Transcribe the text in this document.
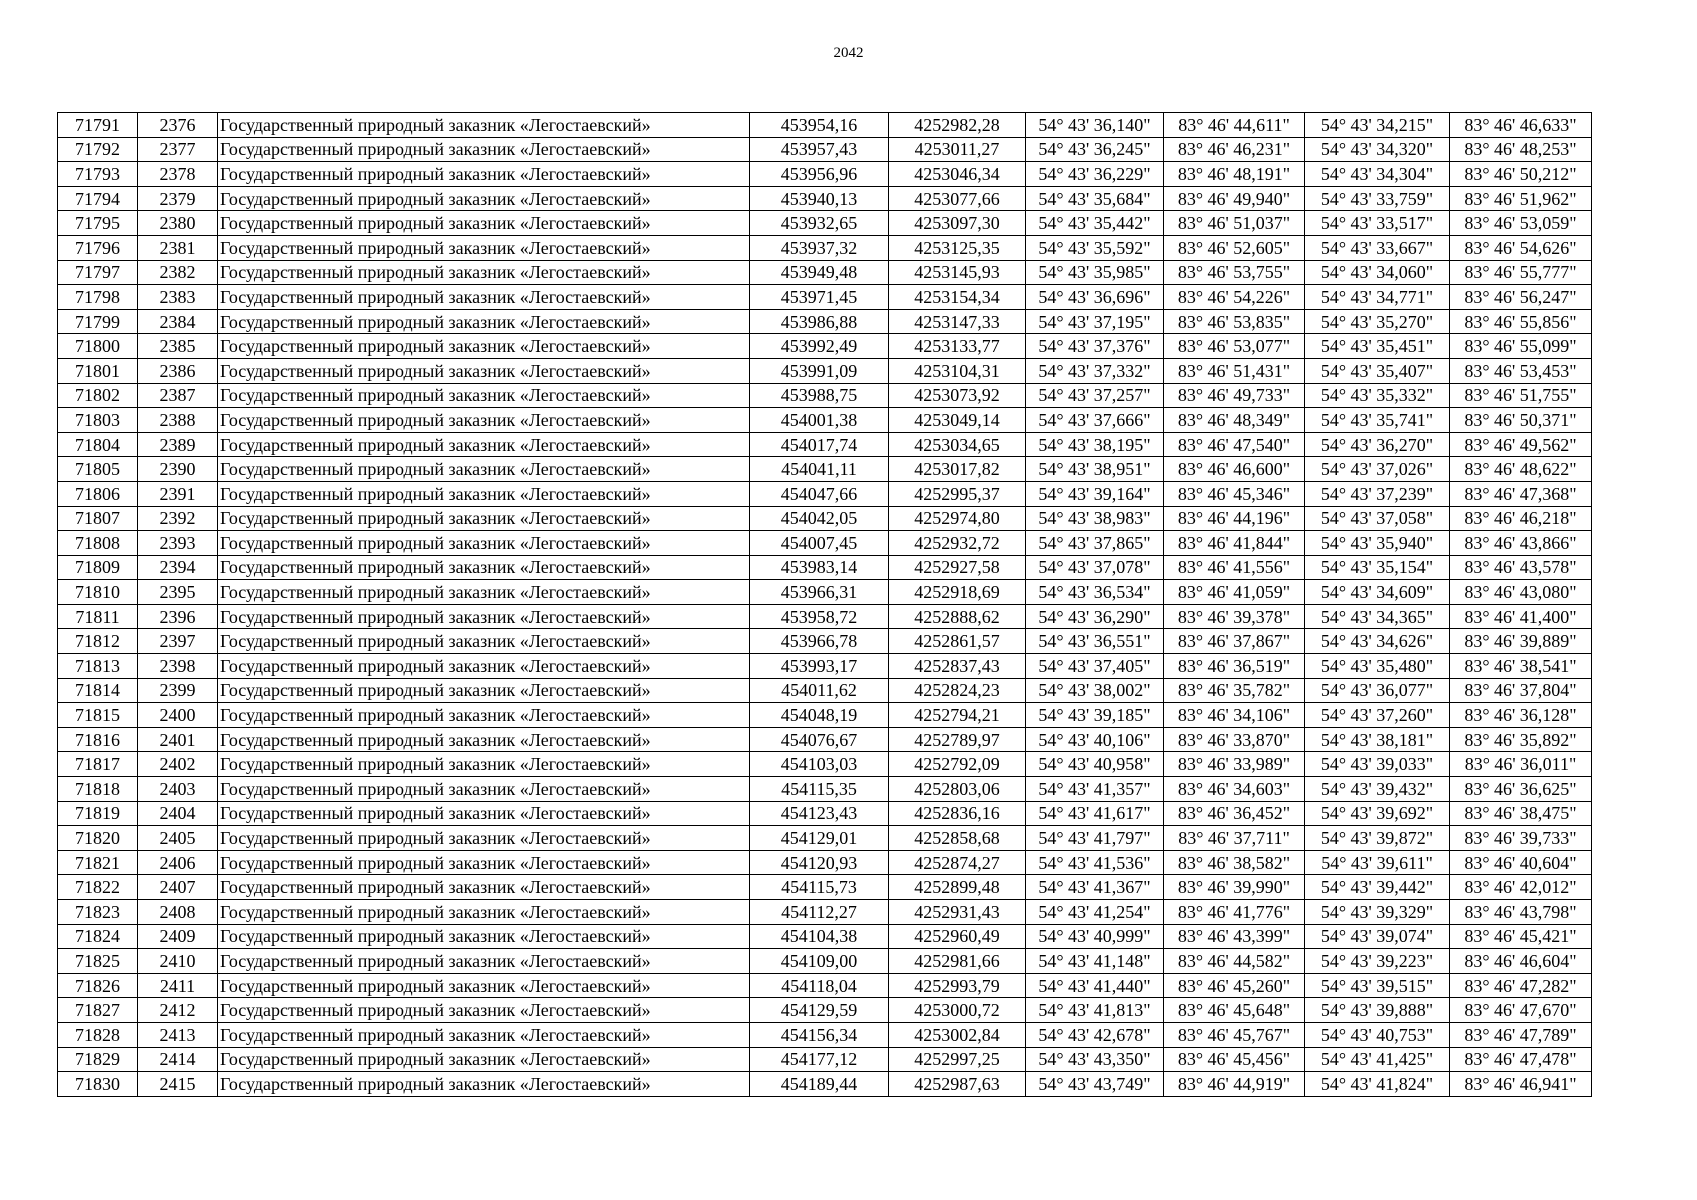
2042
71791	2376	Государственный природный заказник «Легостаевский»	453954,16	4252982,28	54° 43' 36,140"	83° 46' 44,611"	54° 43' 34,215"	83° 46' 46,633"
71792	2377	Государственный природный заказник «Легостаевский»	453957,43	4253011,27	54° 43' 36,245"	83° 46' 46,231"	54° 43' 34,320"	83° 46' 48,253"
71793	2378	Государственный природный заказник «Легостаевский»	453956,96	4253046,34	54° 43' 36,229"	83° 46' 48,191"	54° 43' 34,304"	83° 46' 50,212"
71794	2379	Государственный природный заказник «Легостаевский»	453940,13	4253077,66	54° 43' 35,684"	83° 46' 49,940"	54° 43' 33,759"	83° 46' 51,962"
71795	2380	Государственный природный заказник «Легостаевский»	453932,65	4253097,30	54° 43' 35,442"	83° 46' 51,037"	54° 43' 33,517"	83° 46' 53,059"
71796	2381	Государственный природный заказник «Легостаевский»	453937,32	4253125,35	54° 43' 35,592"	83° 46' 52,605"	54° 43' 33,667"	83° 46' 54,626"
71797	2382	Государственный природный заказник «Легостаевский»	453949,48	4253145,93	54° 43' 35,985"	83° 46' 53,755"	54° 43' 34,060"	83° 46' 55,777"
71798	2383	Государственный природный заказник «Легостаевский»	453971,45	4253154,34	54° 43' 36,696"	83° 46' 54,226"	54° 43' 34,771"	83° 46' 56,247"
71799	2384	Государственный природный заказник «Легостаевский»	453986,88	4253147,33	54° 43' 37,195"	83° 46' 53,835"	54° 43' 35,270"	83° 46' 55,856"
71800	2385	Государственный природный заказник «Легостаевский»	453992,49	4253133,77	54° 43' 37,376"	83° 46' 53,077"	54° 43' 35,451"	83° 46' 55,099"
71801	2386	Государственный природный заказник «Легостаевский»	453991,09	4253104,31	54° 43' 37,332"	83° 46' 51,431"	54° 43' 35,407"	83° 46' 53,453"
71802	2387	Государственный природный заказник «Легостаевский»	453988,75	4253073,92	54° 43' 37,257"	83° 46' 49,733"	54° 43' 35,332"	83° 46' 51,755"
71803	2388	Государственный природный заказник «Легостаевский»	454001,38	4253049,14	54° 43' 37,666"	83° 46' 48,349"	54° 43' 35,741"	83° 46' 50,371"
71804	2389	Государственный природный заказник «Легостаевский»	454017,74	4253034,65	54° 43' 38,195"	83° 46' 47,540"	54° 43' 36,270"	83° 46' 49,562"
71805	2390	Государственный природный заказник «Легостаевский»	454041,11	4253017,82	54° 43' 38,951"	83° 46' 46,600"	54° 43' 37,026"	83° 46' 48,622"
71806	2391	Государственный природный заказник «Легостаевский»	454047,66	4252995,37	54° 43' 39,164"	83° 46' 45,346"	54° 43' 37,239"	83° 46' 47,368"
71807	2392	Государственный природный заказник «Легостаевский»	454042,05	4252974,80	54° 43' 38,983"	83° 46' 44,196"	54° 43' 37,058"	83° 46' 46,218"
71808	2393	Государственный природный заказник «Легостаевский»	454007,45	4252932,72	54° 43' 37,865"	83° 46' 41,844"	54° 43' 35,940"	83° 46' 43,866"
71809	2394	Государственный природный заказник «Легостаевский»	453983,14	4252927,58	54° 43' 37,078"	83° 46' 41,556"	54° 43' 35,154"	83° 46' 43,578"
71810	2395	Государственный природный заказник «Легостаевский»	453966,31	4252918,69	54° 43' 36,534"	83° 46' 41,059"	54° 43' 34,609"	83° 46' 43,080"
71811	2396	Государственный природный заказник «Легостаевский»	453958,72	4252888,62	54° 43' 36,290"	83° 46' 39,378"	54° 43' 34,365"	83° 46' 41,400"
71812	2397	Государственный природный заказник «Легостаевский»	453966,78	4252861,57	54° 43' 36,551"	83° 46' 37,867"	54° 43' 34,626"	83° 46' 39,889"
71813	2398	Государственный природный заказник «Легостаевский»	453993,17	4252837,43	54° 43' 37,405"	83° 46' 36,519"	54° 43' 35,480"	83° 46' 38,541"
71814	2399	Государственный природный заказник «Легостаевский»	454011,62	4252824,23	54° 43' 38,002"	83° 46' 35,782"	54° 43' 36,077"	83° 46' 37,804"
71815	2400	Государственный природный заказник «Легостаевский»	454048,19	4252794,21	54° 43' 39,185"	83° 46' 34,106"	54° 43' 37,260"	83° 46' 36,128"
71816	2401	Государственный природный заказник «Легостаевский»	454076,67	4252789,97	54° 43' 40,106"	83° 46' 33,870"	54° 43' 38,181"	83° 46' 35,892"
71817	2402	Государственный природный заказник «Легостаевский»	454103,03	4252792,09	54° 43' 40,958"	83° 46' 33,989"	54° 43' 39,033"	83° 46' 36,011"
71818	2403	Государственный природный заказник «Легостаевский»	454115,35	4252803,06	54° 43' 41,357"	83° 46' 34,603"	54° 43' 39,432"	83° 46' 36,625"
71819	2404	Государственный природный заказник «Легостаевский»	454123,43	4252836,16	54° 43' 41,617"	83° 46' 36,452"	54° 43' 39,692"	83° 46' 38,475"
71820	2405	Государственный природный заказник «Легостаевский»	454129,01	4252858,68	54° 43' 41,797"	83° 46' 37,711"	54° 43' 39,872"	83° 46' 39,733"
71821	2406	Государственный природный заказник «Легостаевский»	454120,93	4252874,27	54° 43' 41,536"	83° 46' 38,582"	54° 43' 39,611"	83° 46' 40,604"
71822	2407	Государственный природный заказник «Легостаевский»	454115,73	4252899,48	54° 43' 41,367"	83° 46' 39,990"	54° 43' 39,442"	83° 46' 42,012"
71823	2408	Государственный природный заказник «Легостаевский»	454112,27	4252931,43	54° 43' 41,254"	83° 46' 41,776"	54° 43' 39,329"	83° 46' 43,798"
71824	2409	Государственный природный заказник «Легостаевский»	454104,38	4252960,49	54° 43' 40,999"	83° 46' 43,399"	54° 43' 39,074"	83° 46' 45,421"
71825	2410	Государственный природный заказник «Легостаевский»	454109,00	4252981,66	54° 43' 41,148"	83° 46' 44,582"	54° 43' 39,223"	83° 46' 46,604"
71826	2411	Государственный природный заказник «Легостаевский»	454118,04	4252993,79	54° 43' 41,440"	83° 46' 45,260"	54° 43' 39,515"	83° 46' 47,282"
71827	2412	Государственный природный заказник «Легостаевский»	454129,59	4253000,72	54° 43' 41,813"	83° 46' 45,648"	54° 43' 39,888"	83° 46' 47,670"
71828	2413	Государственный природный заказник «Легостаевский»	454156,34	4253002,84	54° 43' 42,678"	83° 46' 45,767"	54° 43' 40,753"	83° 46' 47,789"
71829	2414	Государственный природный заказник «Легостаевский»	454177,12	4252997,25	54° 43' 43,350"	83° 46' 45,456"	54° 43' 41,425"	83° 46' 47,478"
71830	2415	Государственный природный заказник «Легостаевский»	454189,44	4252987,63	54° 43' 43,749"	83° 46' 44,919"	54° 43' 41,824"	83° 46' 46,941"
